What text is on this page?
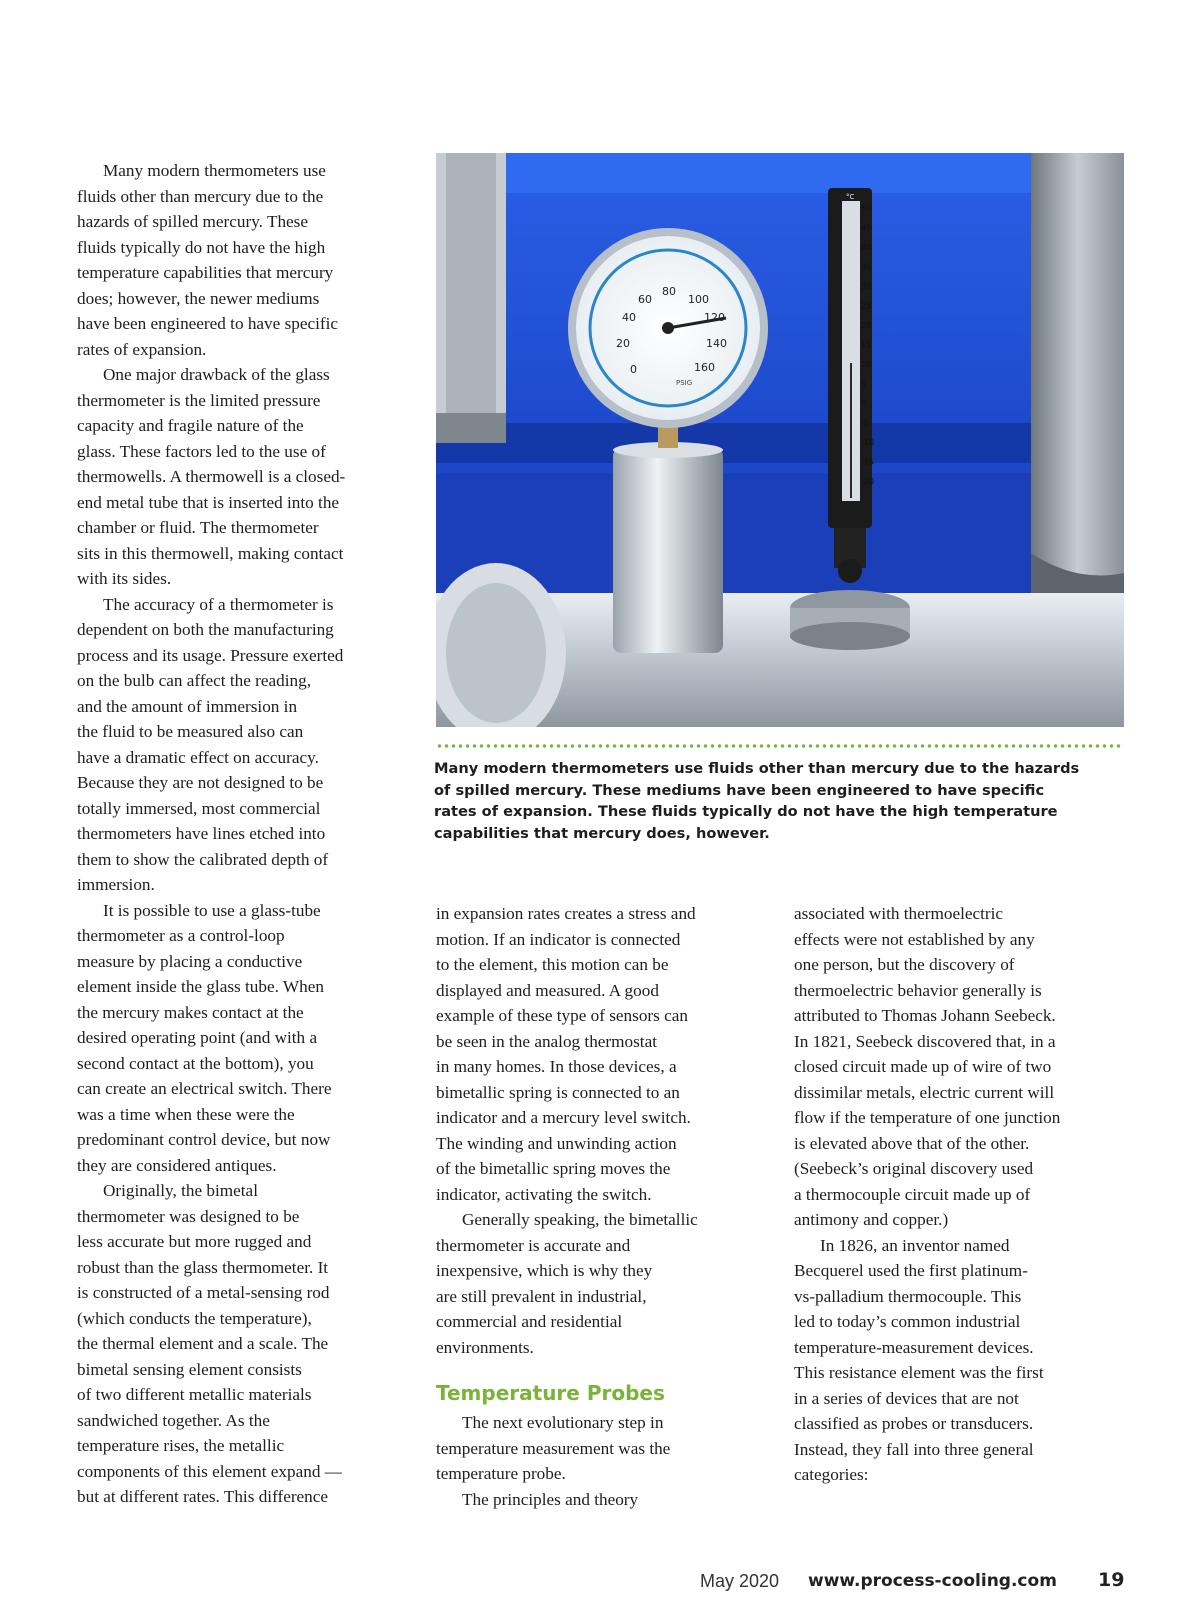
Many modern thermometers use
fluids other than mercury due to the
hazards of spilled mercury. These
fluids typically do not have the high
temperature capabilities that mercury
does; however, the newer mediums
have been engineered to have specific
rates of expansion.

One major drawback of the glass
thermometer is the limited pressure
capacity and fragile nature of the
glass. These factors led to the use of
thermowells. A thermowell is a closed-
end metal tube that is inserted into the
chamber or fluid. The thermometer
sits in this thermowell, making contact
with its sides.

The accuracy of a thermometer is
dependent on both the manufacturing
process and its usage. Pressure exerted
on the bulb can affect the reading,
and the amount of immersion in
the fluid to be measured also can
have a dramatic effect on accuracy.
Because they are not designed to be
totally immersed, most commercial
thermometers have lines etched into
them to show the calibrated depth of
immersion.

It is possible to use a glass-tube
thermometer as a control-loop
measure by placing a conductive
element inside the glass tube. When
the mercury makes contact at the
desired operating point (and with a
second contact at the bottom), you
can create an electrical switch. There
was a time when these were the
predominant control device, but now
they are considered antiques.

Originally, the bimetal
thermometer was designed to be
less accurate but more rugged and
robust than the glass thermometer. It
is constructed of a metal-sensing rod
(which conducts the temperature),
the thermal element and a scale. The
bimetal sensing element consists
of two different metallic materials
sandwiched together. As the
temperature rises, the metallic
components of this element expand —
but at different rates. This difference

0
20
40
60
80
100
120
140
160
PSIG
50
45
40
35
30
25
20
15
10
5
0
-5
-10
-15
-20
°C
Many modern thermometers use fluids other than mercury due to the hazards
of spilled mercury. These mediums have been engineered to have specific
rates of expansion. These fluids typically do not have the high temperature
capabilities that mercury does, however.

in expansion rates creates a stress and
motion. If an indicator is connected
to the element, this motion can be
displayed and measured. A good
example of these type of sensors can
be seen in the analog thermostat
in many homes. In those devices, a
bimetallic spring is connected to an
indicator and a mercury level switch.
The winding and unwinding action
of the bimetallic spring moves the
indicator, activating the switch.

Generally speaking, the bimetallic
thermometer is accurate and
inexpensive, which is why they
are still prevalent in industrial,
commercial and residential
environments.

Temperature Probes

The next evolutionary step in
temperature measurement was the
temperature probe.

The principles and theory

associated with thermoelectric
effects were not established by any
one person, but the discovery of
thermoelectric behavior generally is
attributed to Thomas Johann Seebeck.
In 1821, Seebeck discovered that, in a
closed circuit made up of wire of two
dissimilar metals, electric current will
flow if the temperature of one junction
is elevated above that of the other.
(Seebeck’s original discovery used
a thermocouple circuit made up of
antimony and copper.)

In 1826, an inventor named
Becquerel used the first platinum-
vs-palladium thermocouple. This
led to today’s common industrial
temperature-measurement devices.
This resistance element was the first
in a series of devices that are not
classified as probes or transducers.
Instead, they fall into three general
categories:

May 2020 www.process-cooling.com 19
